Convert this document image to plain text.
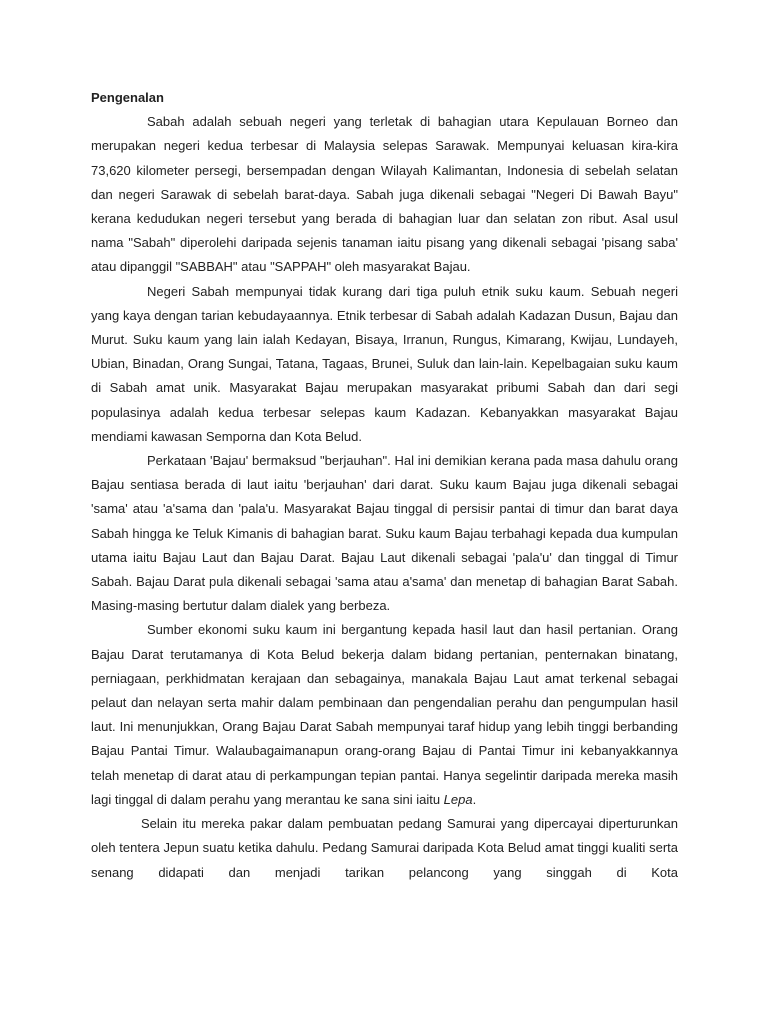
Pengenalan

Sabah adalah sebuah negeri yang terletak di bahagian utara Kepulauan Borneo dan merupakan negeri kedua terbesar di Malaysia selepas Sarawak. Mempunyai keluasan kira-kira 73,620 kilometer persegi, bersempadan dengan Wilayah Kalimantan, Indonesia di sebelah selatan dan negeri Sarawak di sebelah barat-daya. Sabah juga dikenali sebagai "Negeri Di Bawah Bayu" kerana kedudukan negeri tersebut yang berada di bahagian luar dan selatan zon ribut. Asal usul nama "Sabah" diperolehi daripada sejenis tanaman iaitu pisang yang dikenali sebagai 'pisang saba' atau dipanggil "SABBAH" atau "SAPPAH" oleh masyarakat Bajau.

Negeri Sabah mempunyai tidak kurang dari tiga puluh etnik suku kaum. Sebuah negeri yang kaya dengan tarian kebudayaannya. Etnik terbesar di Sabah adalah Kadazan Dusun, Bajau dan Murut. Suku kaum yang lain ialah Kedayan, Bisaya, Irranun, Rungus, Kimarang, Kwijau, Lundayeh, Ubian, Binadan, Orang Sungai, Tatana, Tagaas, Brunei, Suluk dan lain-lain. Kepelbagaian suku kaum di Sabah amat unik. Masyarakat Bajau merupakan masyarakat pribumi Sabah dan dari segi populasinya adalah kedua terbesar selepas kaum Kadazan. Kebanyakkan masyarakat Bajau mendiami kawasan Semporna dan Kota Belud.

Perkataan 'Bajau' bermaksud "berjauhan". Hal ini demikian kerana pada masa dahulu orang Bajau sentiasa berada di laut iaitu 'berjauhan' dari darat. Suku kaum Bajau juga dikenali sebagai 'sama' atau 'a'sama dan 'pala'u. Masyarakat Bajau tinggal di persisir pantai di timur dan barat daya Sabah hingga ke Teluk Kimanis di bahagian barat. Suku kaum Bajau terbahagi kepada dua kumpulan utama iaitu Bajau Laut dan Bajau Darat. Bajau Laut dikenali sebagai 'pala'u' dan tinggal di Timur Sabah. Bajau Darat pula dikenali sebagai 'sama atau a'sama' dan menetap di bahagian Barat Sabah. Masing-masing bertutur dalam dialek yang berbeza.

Sumber ekonomi suku kaum ini bergantung kepada hasil laut dan hasil pertanian. Orang Bajau Darat terutamanya di Kota Belud bekerja dalam bidang pertanian, penternakan binatang, perniagaan, perkhidmatan kerajaan dan sebagainya, manakala Bajau Laut amat terkenal sebagai pelaut dan nelayan serta mahir dalam pembinaan dan pengendalian perahu dan pengumpulan hasil laut. Ini menunjukkan, Orang Bajau Darat Sabah mempunyai taraf hidup yang lebih tinggi berbanding Bajau Pantai Timur. Walaubagaimanapun orang-orang Bajau di Pantai Timur ini kebanyakkannya telah menetap di darat atau di perkampungan tepian pantai. Hanya segelintir daripada mereka masih lagi tinggal di dalam perahu yang merantau ke sana sini iaitu Lepa.

Selain itu mereka pakar dalam pembuatan pedang Samurai yang dipercayai diperturunkan oleh tentera Jepun suatu ketika dahulu. Pedang Samurai daripada Kota Belud amat tinggi kualiti serta senang didapati dan menjadi tarikan pelancong yang singgah di Kota
